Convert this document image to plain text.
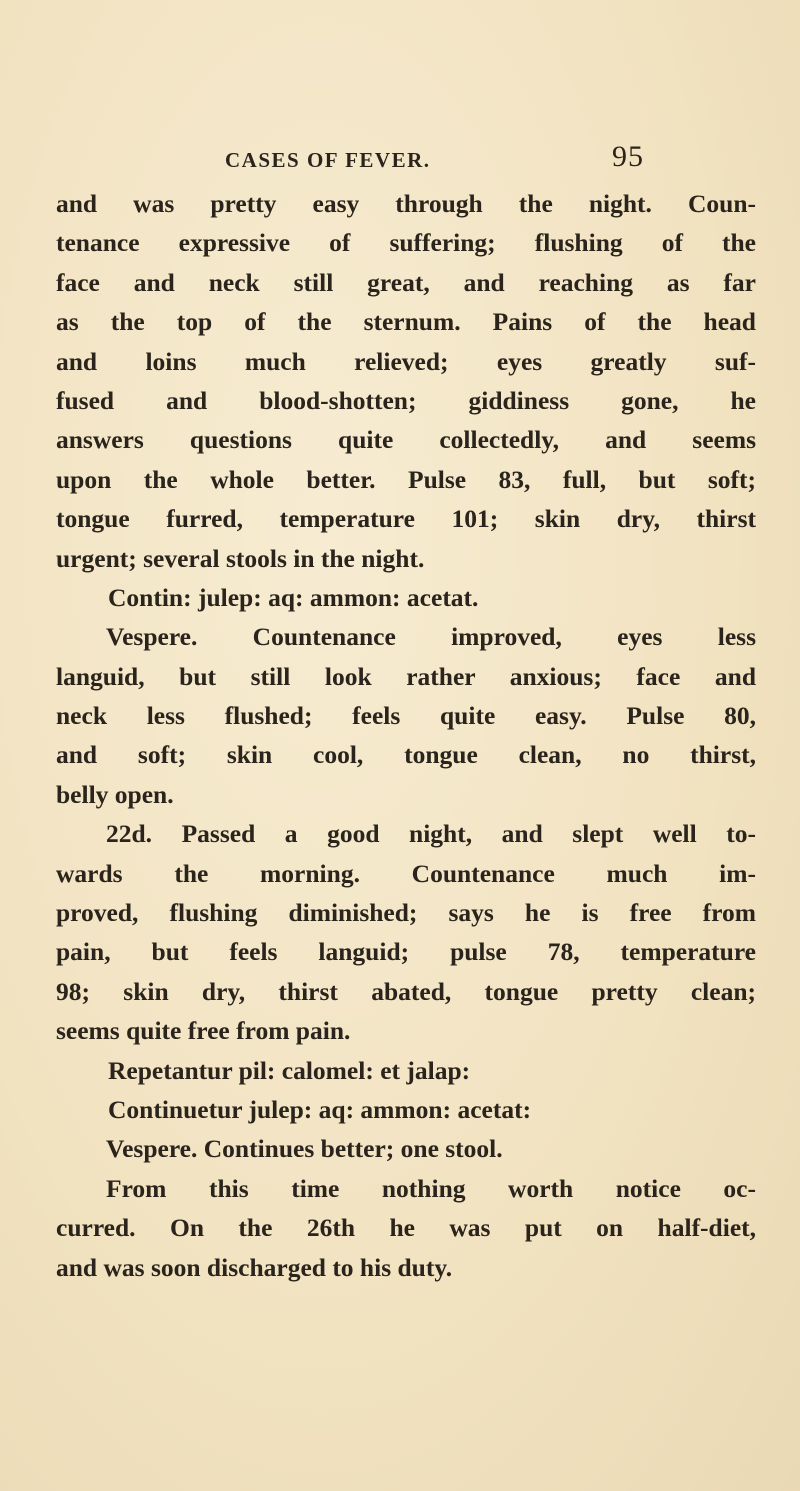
CASES OF FEVER.	95
and was pretty easy through the night. Coun-
tenance expressive of suffering; flushing of the
face and neck still great, and reaching as far
as the top of the sternum. Pains of the head
and loins much relieved; eyes greatly suf-
fused and blood-shotten; giddiness gone, he
answers questions quite collectedly, and seems
upon the whole better. Pulse 83, full, but soft;
tongue furred, temperature 101; skin dry, thirst
urgent; several stools in the night.
Contin: julep: aq: ammon: acetat.
Vespere. Countenance improved, eyes less
languid, but still look rather anxious; face and
neck less flushed; feels quite easy. Pulse 80,
and soft; skin cool, tongue clean, no thirst,
belly open.
22d. Passed a good night, and slept well to-
wards the morning. Countenance much im-
proved, flushing diminished; says he is free from
pain, but feels languid; pulse 78, temperature
98; skin dry, thirst abated, tongue pretty clean;
seems quite free from pain.
Repetantur pil: calomel: et jalap:
Continuetur julep: aq: ammon: acetat:
Vespere. Continues better; one stool.
From this time nothing worth notice oc-
curred. On the 26th he was put on half-diet,
and was soon discharged to his duty.
